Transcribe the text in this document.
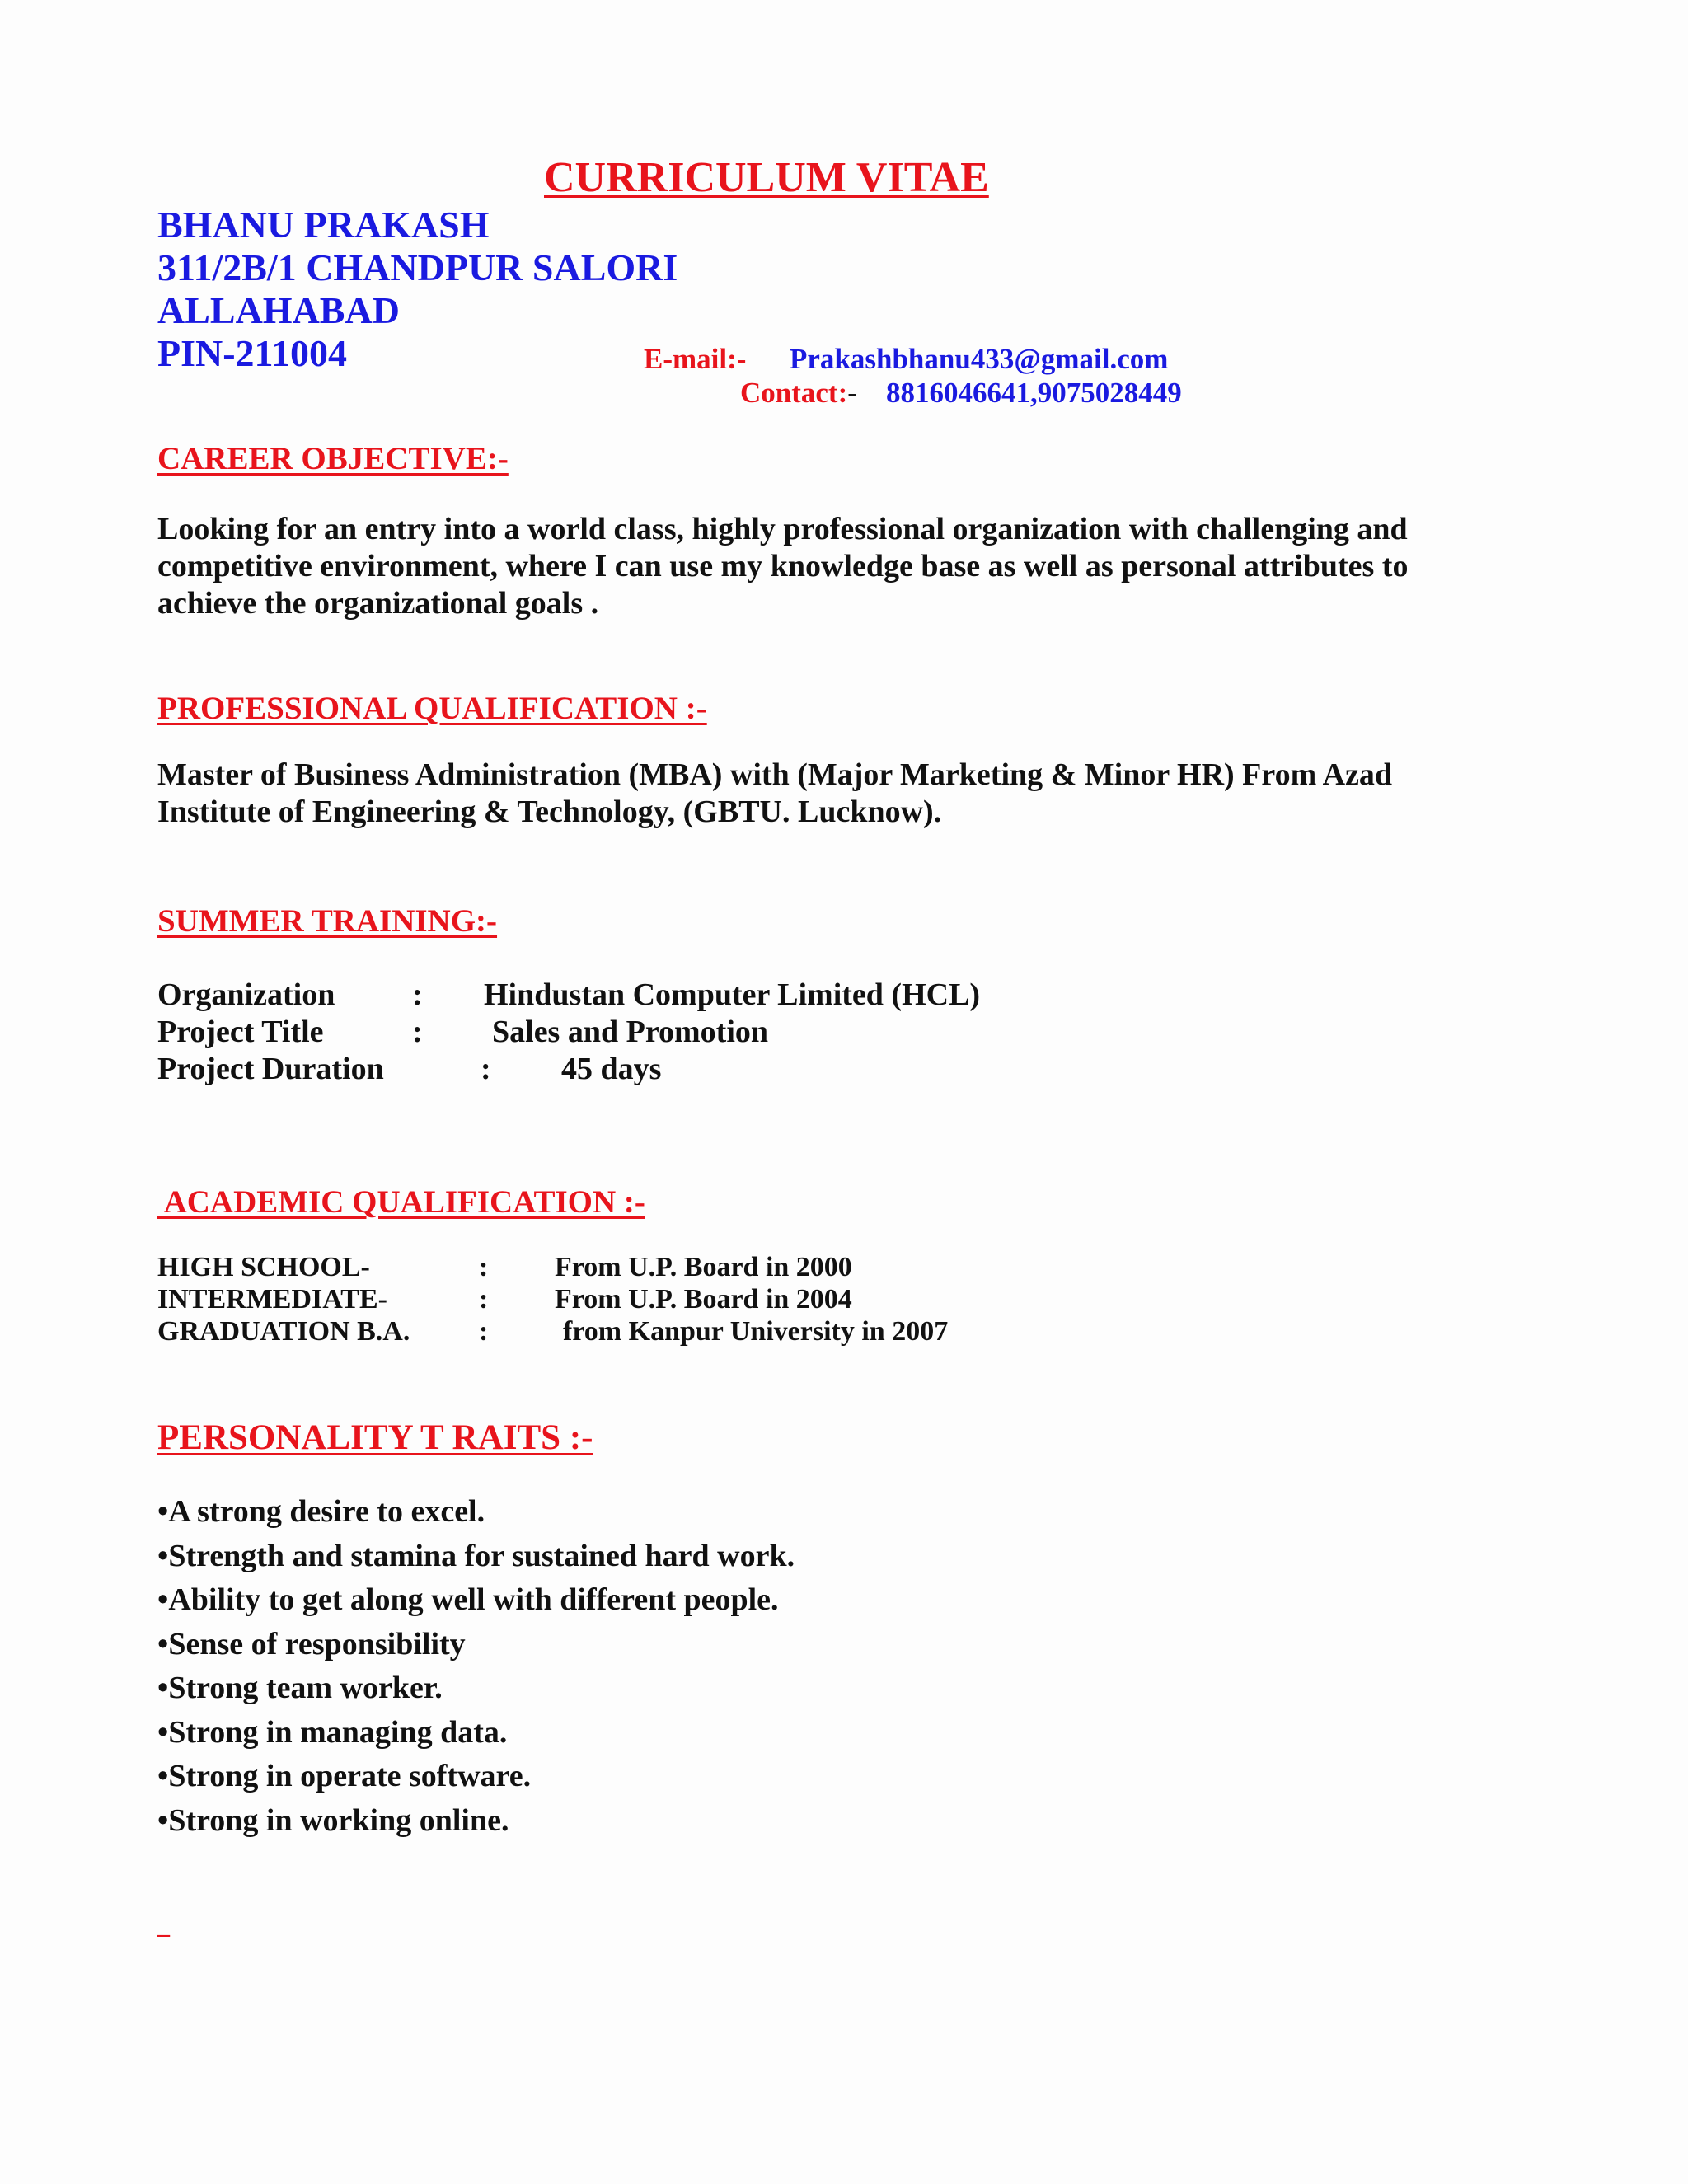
CURRICULUM VITAE
BHANU PRAKASH
311/2B/1 CHANDPUR SALORI
ALLAHABAD
PIN-211004	E-mail:- Prakashbhanu433@gmail.com
Contact:- 8816046641,9075028449
CAREER OBJECTIVE:-
Looking for an entry into a world class, highly professional organization with challenging and competitive environment, where I can use my knowledge base as well as personal attributes to achieve the organizational goals .
PROFESSIONAL QUALIFICATION :-
Master of Business Administration (MBA) with (Major Marketing & Minor HR) From Azad Institute of Engineering & Technology, (GBTU. Lucknow).
SUMMER TRAINING:-
Organization : Hindustan Computer Limited (HCL)
Project Title	: Sales and Promotion
Project Duration	: 45 days
ACADEMIC QUALIFICATION :-
HIGH SCHOOL-	: From U.P. Board in 2000
INTERMEDIATE-	: From U.P. Board in 2004
GRADUATION B.A. :	from Kanpur University in 2007
PERSONALITY T RAITS :-
•A strong desire to excel.
•Strength and stamina for sustained hard work.
•Ability to get along well with different people.
•Sense of responsibility
•Strong team worker.
•Strong in managing data.
•Strong in operate software.
•Strong in working online.
_
